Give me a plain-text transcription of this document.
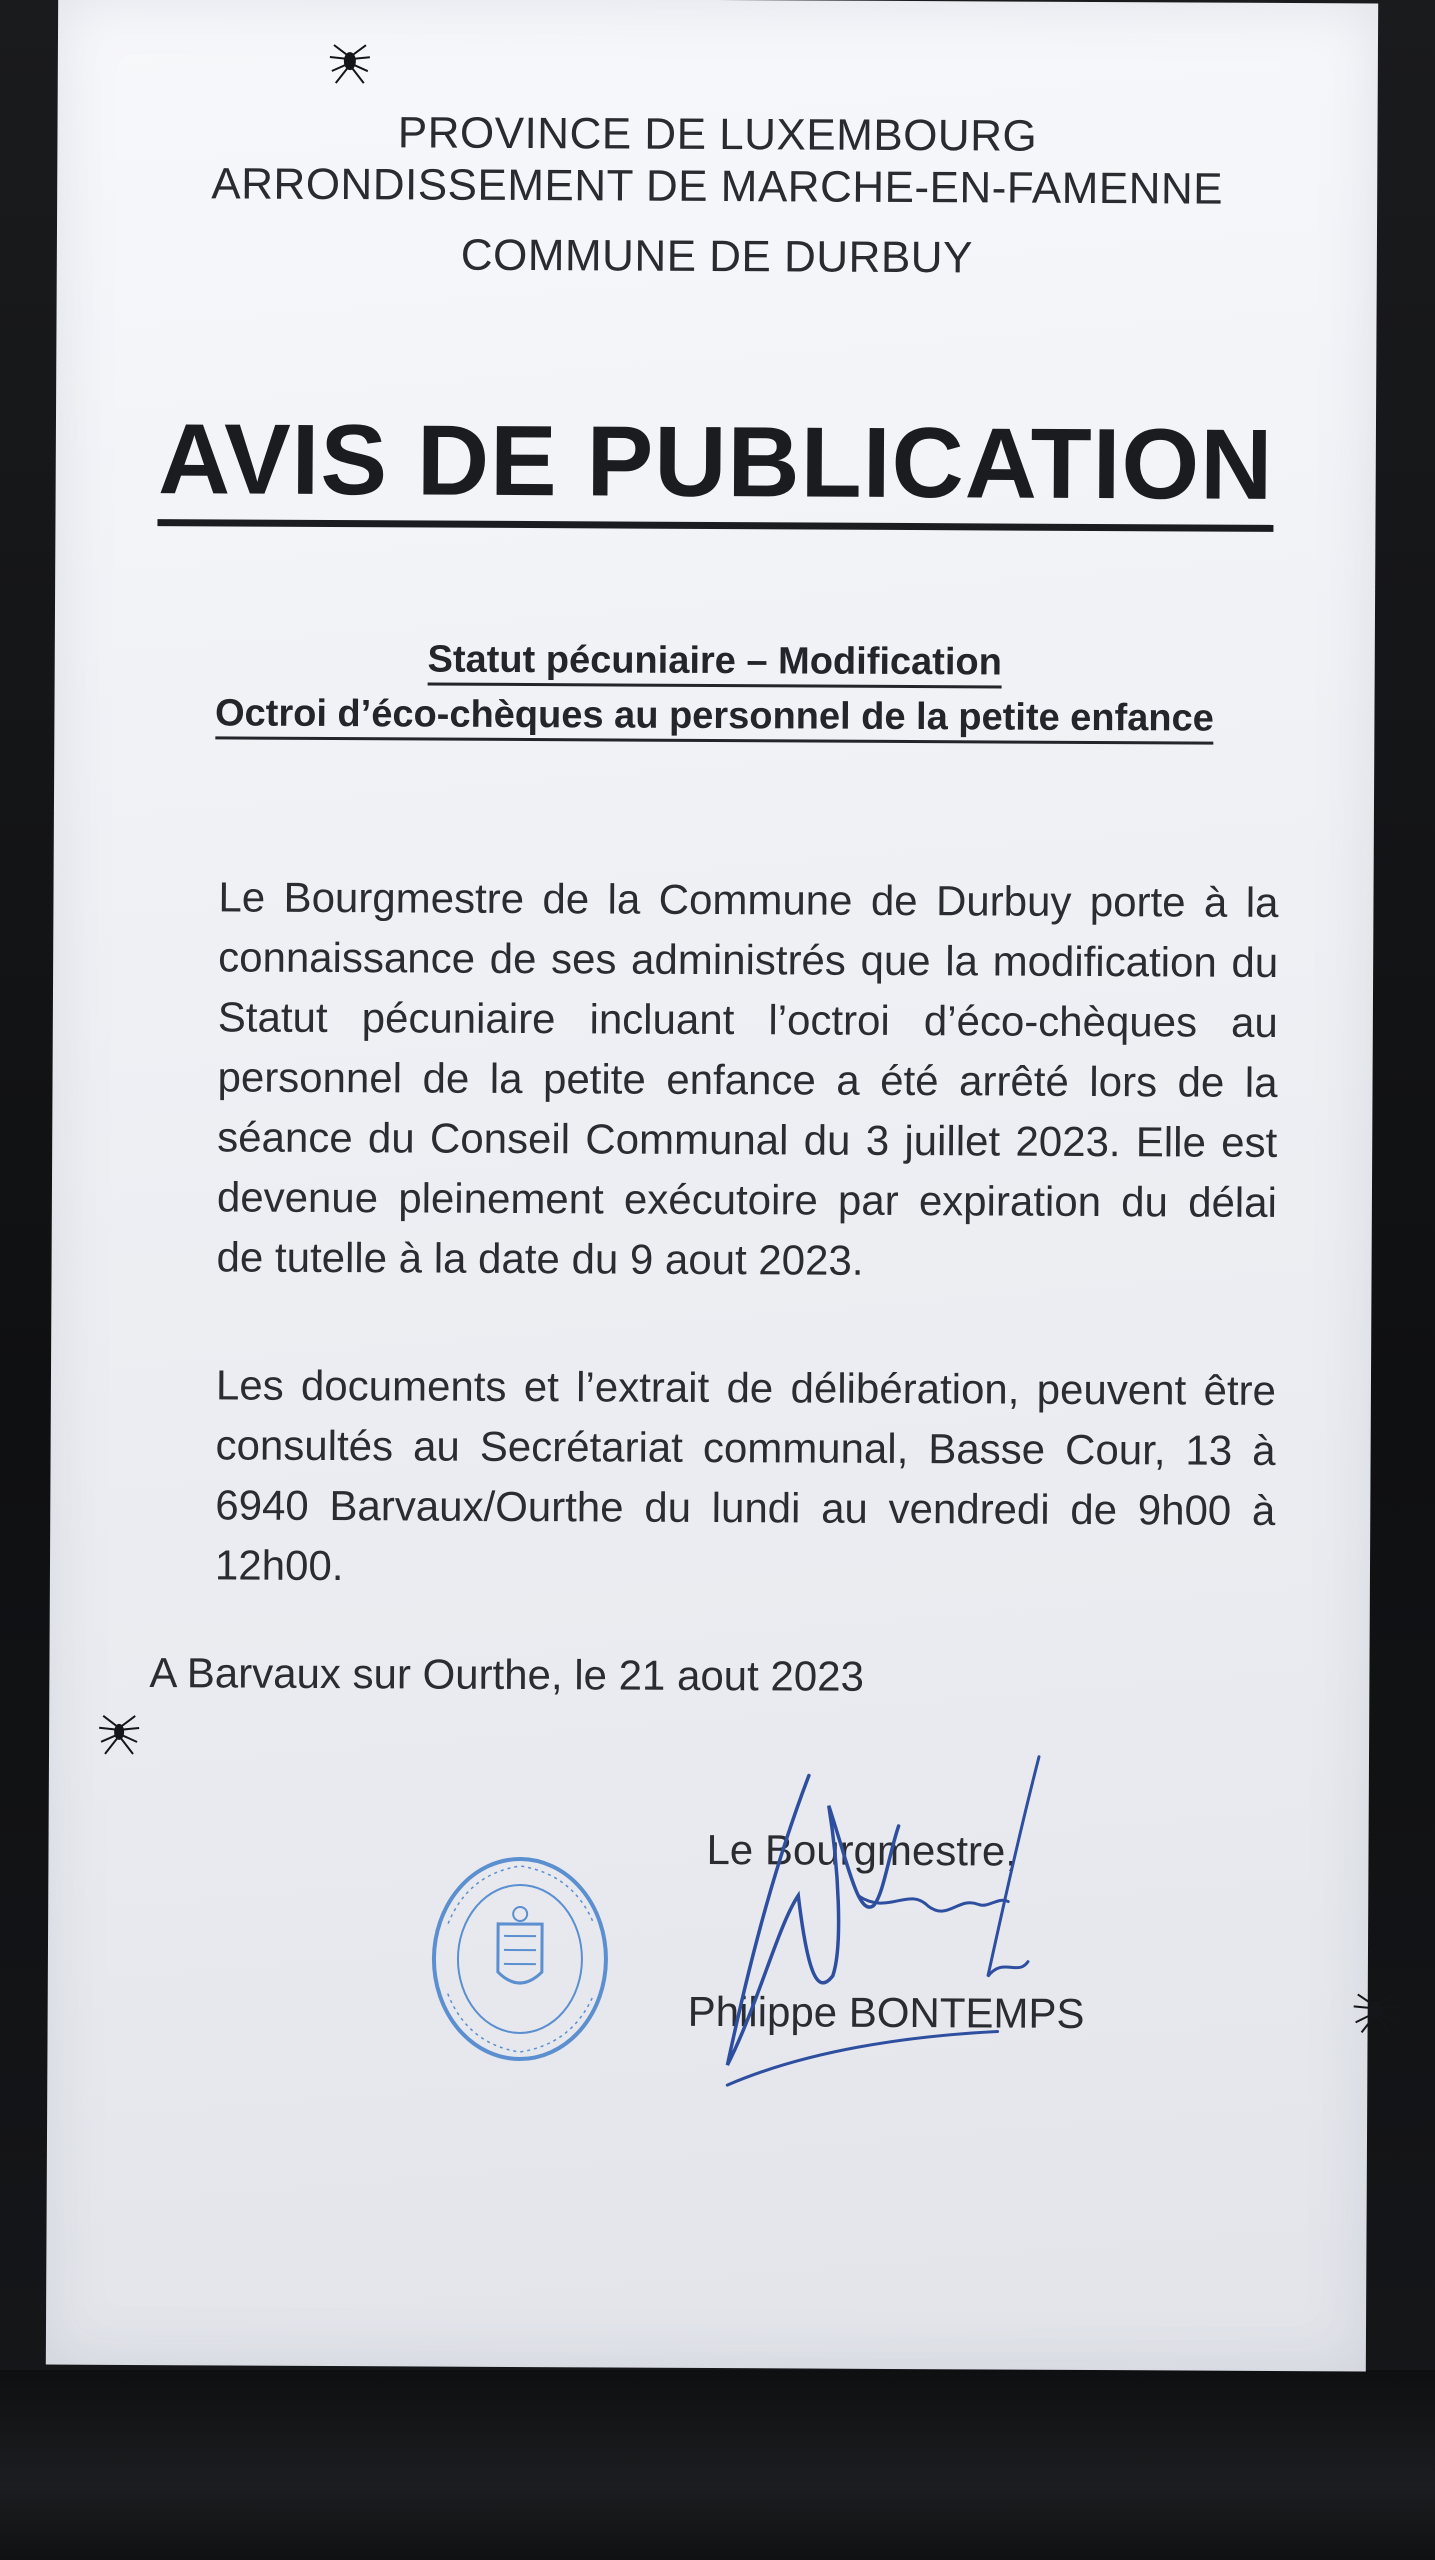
PROVINCE DE LUXEMBOURG
ARRONDISSEMENT DE MARCHE-EN-FAMENNE
COMMUNE DE DURBUY
AVIS DE PUBLICATION
Statut pécuniaire – Modification
Octroi d’éco-chèques au personnel de la petite enfance
Le Bourgmestre de la Commune de Durbuy porte à la connaissance de ses administrés que la modification du Statut pécuniaire incluant l’octroi d’éco-chèques au personnel de la petite enfance a été arrêté lors de la séance du Conseil Communal du 3 juillet 2023. Elle est devenue pleinement exécutoire par expiration du délai de tutelle à la date du 9 aout 2023.
Les documents et l’extrait de délibération, peuvent être consultés au Secrétariat communal, Basse Cour, 13 à 6940 Barvaux/Ourthe du lundi au vendredi de 9h00 à 12h00.
A Barvaux sur Ourthe, le 21 aout 2023
Le Bourgmestre,
Philippe BONTEMPS
